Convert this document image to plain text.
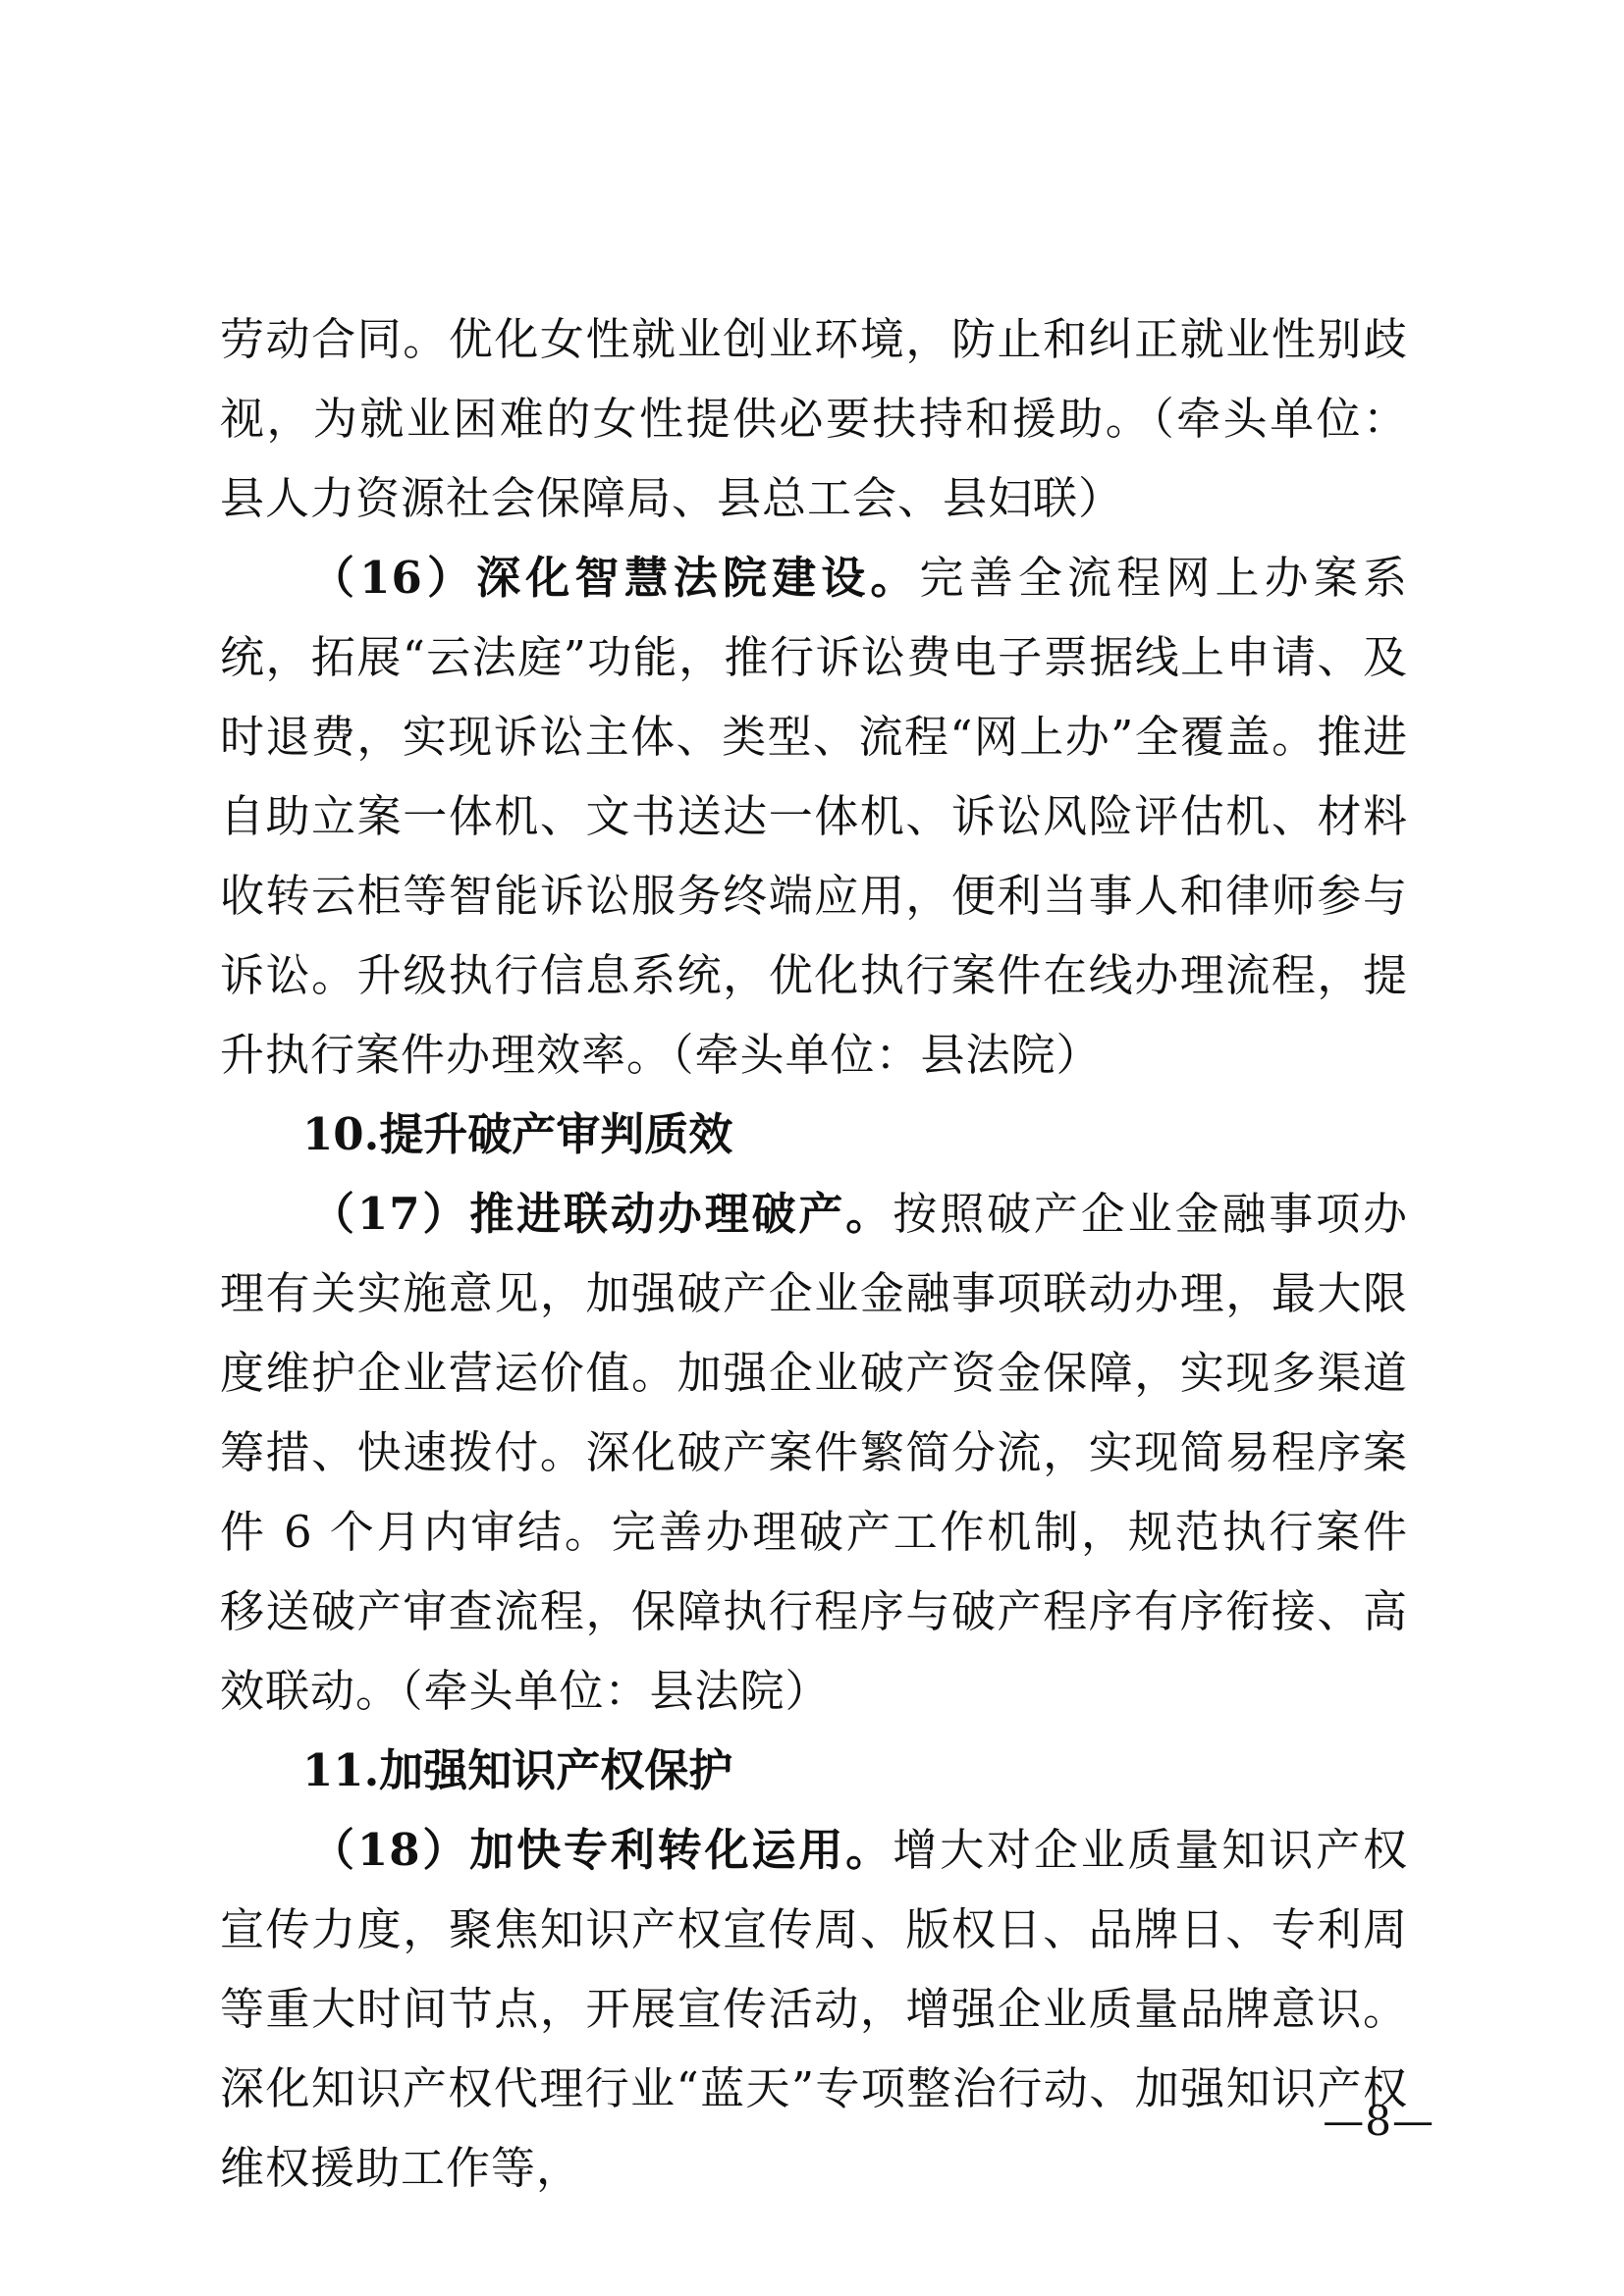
劳动合同。优化女性就业创业环境，防止和纠正就业性别歧视，为就业困难的女性提供必要扶持和援助。（牵头单位：县人力资源社会保障局、县总工会、县妇联）

（16）深化智慧法院建设。完善全流程网上办案系统，拓展“云法庭”功能，推行诉讼费电子票据线上申请、及时退费，实现诉讼主体、类型、流程“网上办”全覆盖。推进自助立案一体机、文书送达一体机、诉讼风险评估机、材料收转云柜等智能诉讼服务终端应用，便利当事人和律师参与诉讼。升级执行信息系统，优化执行案件在线办理流程，提升执行案件办理效率。（牵头单位：县法院）

10.提升破产审判质效

（17）推进联动办理破产。按照破产企业金融事项办理有关实施意见，加强破产企业金融事项联动办理，最大限度维护企业营运价值。加强企业破产资金保障，实现多渠道筹措、快速拨付。深化破产案件繁简分流，实现简易程序案件 6 个月内审结。完善办理破产工作机制，规范执行案件移送破产审查流程，保障执行程序与破产程序有序衔接、高效联动。（牵头单位：县法院）

11.加强知识产权保护

（18）加快专利转化运用。增大对企业质量知识产权宣传力度，聚焦知识产权宣传周、版权日、品牌日、专利周等重大时间节点，开展宣传活动，增强企业质量品牌意识。深化知识产权代理行业“蓝天”专项整治行动、加强知识产权维权援助工作等，

—8—
